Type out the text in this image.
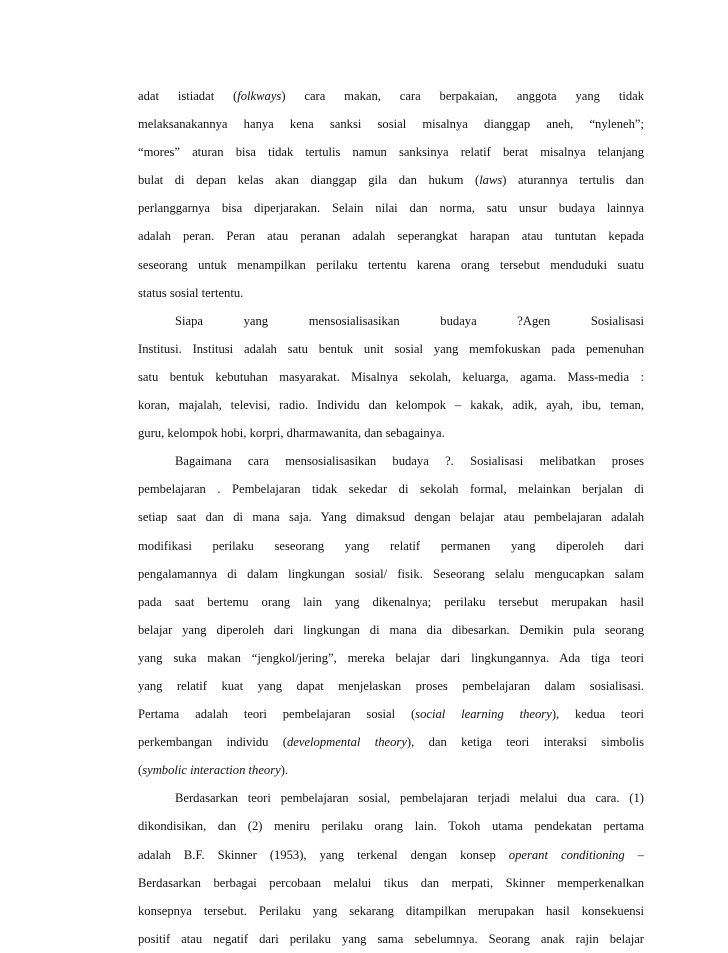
adat istiadat (folkways) cara makan, cara berpakaian, anggota yang tidak
melaksanakannya hanya kena sanksi sosial misalnya dianggap aneh, “nyleneh”;
“mores” aturan bisa tidak tertulis namun sanksinya relatif berat misalnya telanjang
bulat di depan kelas akan dianggap gila dan hukum (laws) aturannya tertulis dan
perlanggarnya bisa diperjarakan. Selain nilai dan norma, satu unsur budaya lainnya
adalah peran. Peran atau peranan adalah seperangkat harapan atau tuntutan kepada
seseorang untuk menampilkan perilaku tertentu karena orang tersebut menduduki suatu
status sosial tertentu.
Siapa yang mensosialisasikan budaya ?Agen Sosialisasi
Institusi. Institusi adalah satu bentuk unit sosial yang memfokuskan pada pemenuhan
satu bentuk kebutuhan masyarakat. Misalnya sekolah, keluarga, agama. Mass-media :
koran, majalah, televisi, radio. Individu dan kelompok – kakak, adik, ayah, ibu, teman,
guru, kelompok hobi, korpri, dharmawanita, dan sebagainya.
Bagaimana cara mensosialisasikan budaya ?. Sosialisasi melibatkan proses
pembelajaran . Pembelajaran tidak sekedar di sekolah formal, melainkan berjalan di
setiap saat dan di mana saja. Yang dimaksud dengan belajar atau pembelajaran adalah
modifikasi perilaku seseorang yang relatif permanen yang diperoleh dari
pengalamannya di dalam lingkungan sosial/ fisik. Seseorang selalu mengucapkan salam
pada saat bertemu orang lain yang dikenalnya; perilaku tersebut merupakan hasil
belajar yang diperoleh dari lingkungan di mana dia dibesarkan. Demikin pula seorang
yang suka makan “jengkol/jering”, mereka belajar dari lingkungannya. Ada tiga teori
yang relatif kuat yang dapat menjelaskan proses pembelajaran dalam sosialisasi.
Pertama adalah teori pembelajaran sosial (social learning theory), kedua teori
perkembangan individu (developmental theory), dan ketiga teori interaksi simbolis
(symbolic interaction theory).
Berdasarkan teori pembelajaran sosial, pembelajaran terjadi melalui dua cara. (1)
dikondisikan, dan (2) meniru perilaku orang lain. Tokoh utama pendekatan pertama
adalah B.F. Skinner (1953), yang terkenal dengan konsep operant conditioning –
Berdasarkan berbagai percobaan melalui tikus dan merpati, Skinner memperkenalkan
konsepnya tersebut. Perilaku yang sekarang ditampilkan merupakan hasil konsekuensi
positif atau negatif dari perilaku yang sama sebelumnya. Seorang anak rajin belajar
